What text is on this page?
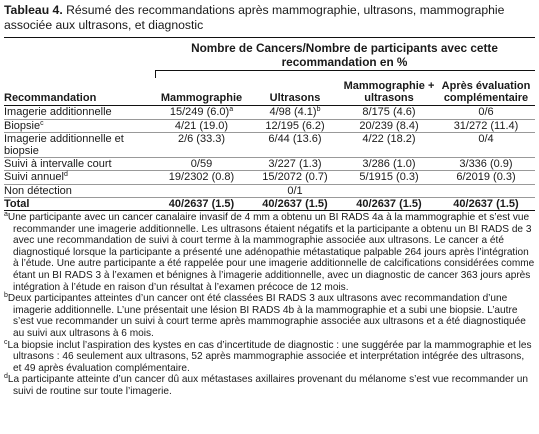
Tableau 4. Résumé des recommandations après mammographie, ultrasons, mammographie associée aux ultrasons, et diagnostic

Nombre de Cancers/Nombre de participants avec cette recommandation en %
Recommandation	Mammographie	Ultrasons	Mammographie + ultrasons	Après évaluation complémentaire
Imagerie additionnelle	15/249 $(6.0)^a$	4/98 $(4.1)^b$	8/175 (4.6)	0/6
Biopsie$^c$	4/21 (19.0)	12/195 (6.2)	20/239 (8.4)	31/272 (11.4)
Imagerie additionnelle et biopsie	2/6 (33.3)	6/44 (13.6)	4/22 (18.2)	0/4
Suivi à intervalle court	0/59	3/227 (1.3)	3/286 (1.0)	3/336 (0.9)
Suivi annuel$^d$	19/2302 (0.8)	15/2072 (0.7)	5/1915 (0.3)	6/2019 (0.3)
Non détection		0/1		
Total	40/2637 (1.5)	40/2637 (1.5)	40/2637 (1.5)	40/2637 (1.5)

$^a$Une participante avec un cancer canalaire invasif de 4 mm a obtenu un BI RADS 4a à la mammographie et s’est vue recommander une imagerie additionnelle. Les ultrasons étaient négatifs et la participante a obtenu un BI RADS de 3 avec une recommandation de suivi à court terme à la mammographie associée aux ultrasons. Le cancer a été diagnostiqué lorsque la participante a présenté une adénopathie métastatique palpable 264 jours après l’intégration à l’étude. Une autre participante a été rappelée pour une imagerie additionnelle de calcifications considérées comme étant un BI RADS 3 à l’examen et bénignes à l’imagerie additionnelle, avec un diagnostic de cancer 363 jours après intégration à l’étude en raison d’un résultat à l’examen précoce de 12 mois.

$^b$Deux participantes atteintes d’un cancer ont été classées BI RADS 3 aux ultrasons avec recommandation d’une imagerie additionnelle. L’une présentait une lésion BI RADS 4b à la mammographie et a subi une biopsie. L’autre s’est vue recommander un suivi à court terme après mammographie associée aux ultrasons et a été diagnostiquée au suivi aux ultrasons à 6 mois.

$^c$La biopsie inclut l’aspiration des kystes en cas d’incertitude de diagnostic : une suggérée par la mammographie et les ultrasons : 46 seulement aux ultrasons, 52 après mammographie associée et interprétation intégrée des ultrasons, et 49 après évaluation complémentaire.

$^d$La participante atteinte d’un cancer dû aux métastases axillaires provenant du mélanome s’est vue recommander un suivi de routine sur toute l’imagerie.
